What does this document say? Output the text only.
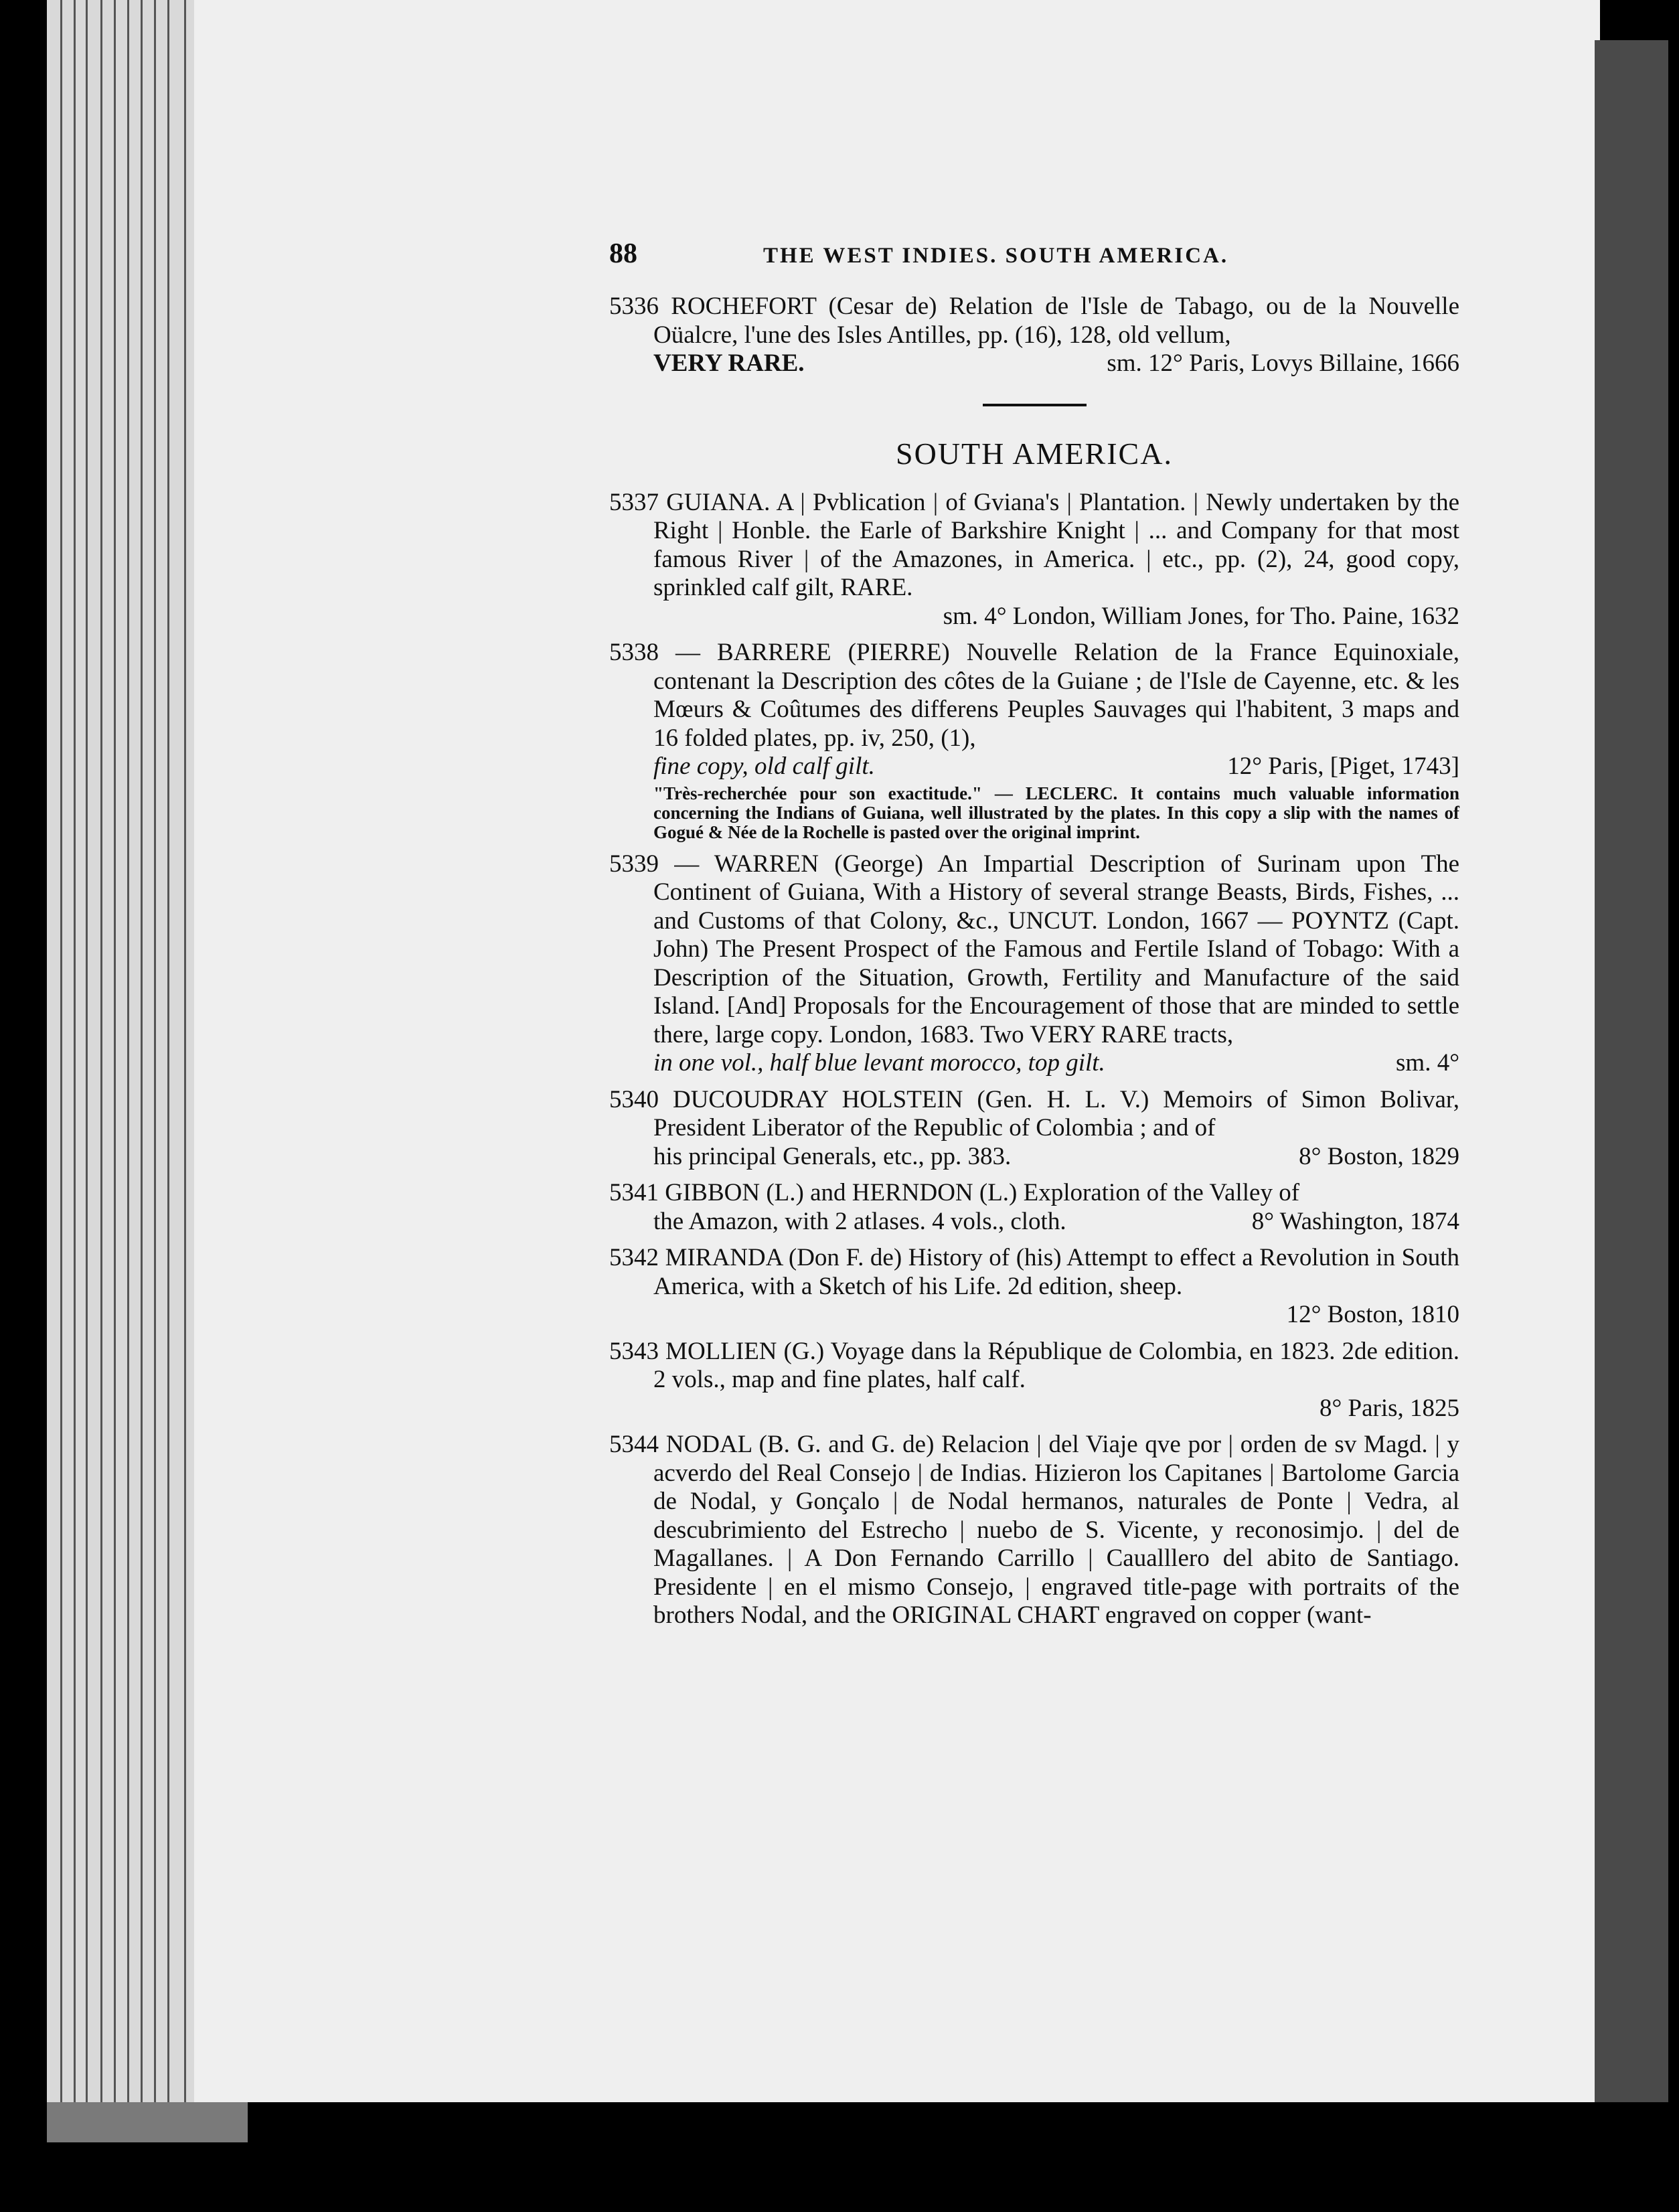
88	THE WEST INDIES. SOUTH AMERICA.

5336 ROCHEFORT (Cesar de) Relation de l'Isle de Tabago, ou de la Nouvelle Oüalcre, l'une des Isles Antilles, pp. (16), 128, old vellum,

VERY RARE.	sm. 12° Paris, Lovys Billaine, 1666
SOUTH AMERICA.

5337 GUIANA. A | Pvblication | of Gviana's | Plantation. | Newly undertaken by the Right | Honble. the Earle of Barkshire Knight | ... and Company for that most famous River | of the Amazones, in America. | etc., pp. (2), 24, good copy, sprinkled calf gilt, RARE.

sm. 4° London, William Jones, for Tho. Paine, 1632

5338 — BARRERE (PIERRE) Nouvelle Relation de la France Equinoxiale, contenant la Description des côtes de la Guiane ; de l'Isle de Cayenne, etc. & les Mœurs & Coûtumes des differens Peuples Sauvages qui l'habitent, 3 maps and 16 folded plates, pp. iv, 250, (1),

fine copy, old calf gilt.	12° Paris, [Piget, 1743]
"Très-recherchée pour son exactitude." — LECLERC. It contains much valuable information concerning the Indians of Guiana, well illustrated by the plates. In this copy a slip with the names of Gogué & Née de la Rochelle is pasted over the original imprint.

5339 — WARREN (George) An Impartial Description of Surinam upon The Continent of Guiana, With a History of several strange Beasts, Birds, Fishes, ... and Customs of that Colony, &c., UNCUT. London, 1667 — POYNTZ (Capt. John) The Present Prospect of the Famous and Fertile Island of Tobago: With a Description of the Situation, Growth, Fertility and Manufacture of the said Island. [And] Proposals for the Encouragement of those that are minded to settle there, large copy. London, 1683. Two VERY RARE tracts,

in one vol., half blue levant morocco, top gilt.	sm. 4°

5340 DUCOUDRAY HOLSTEIN (Gen. H. L. V.) Memoirs of Simon Bolivar, President Liberator of the Republic of Colombia ; and of

his principal Generals, etc., pp. 383.	8° Boston, 1829

5341 GIBBON (L.) and HERNDON (L.) Exploration of the Valley of

the Amazon, with 2 atlases. 4 vols., cloth.	8° Washington, 1874

5342 MIRANDA (Don F. de) History of (his) Attempt to effect a Revolution in South America, with a Sketch of his Life. 2d edition, sheep.

12° Boston, 1810

5343 MOLLIEN (G.) Voyage dans la République de Colombia, en 1823. 2de edition. 2 vols., map and fine plates, half calf.

8° Paris, 1825

5344 NODAL (B. G. and G. de) Relacion | del Viaje qve por | orden de sv Magd. | y acverdo del Real Consejo | de Indias. Hizieron los Capitanes | Bartolome Garcia de Nodal, y Gonçalo | de Nodal hermanos, naturales de Ponte | Vedra, al descubrimiento del Estrecho | nuebo de S. Vicente, y reconosimjo. | del de Magallanes. | A Don Fernando Carrillo | Caualllero del abito de Santiago. Presidente | en el mismo Consejo, | engraved title-page with portraits of the brothers Nodal, and the ORIGINAL CHART engraved on copper (want-
